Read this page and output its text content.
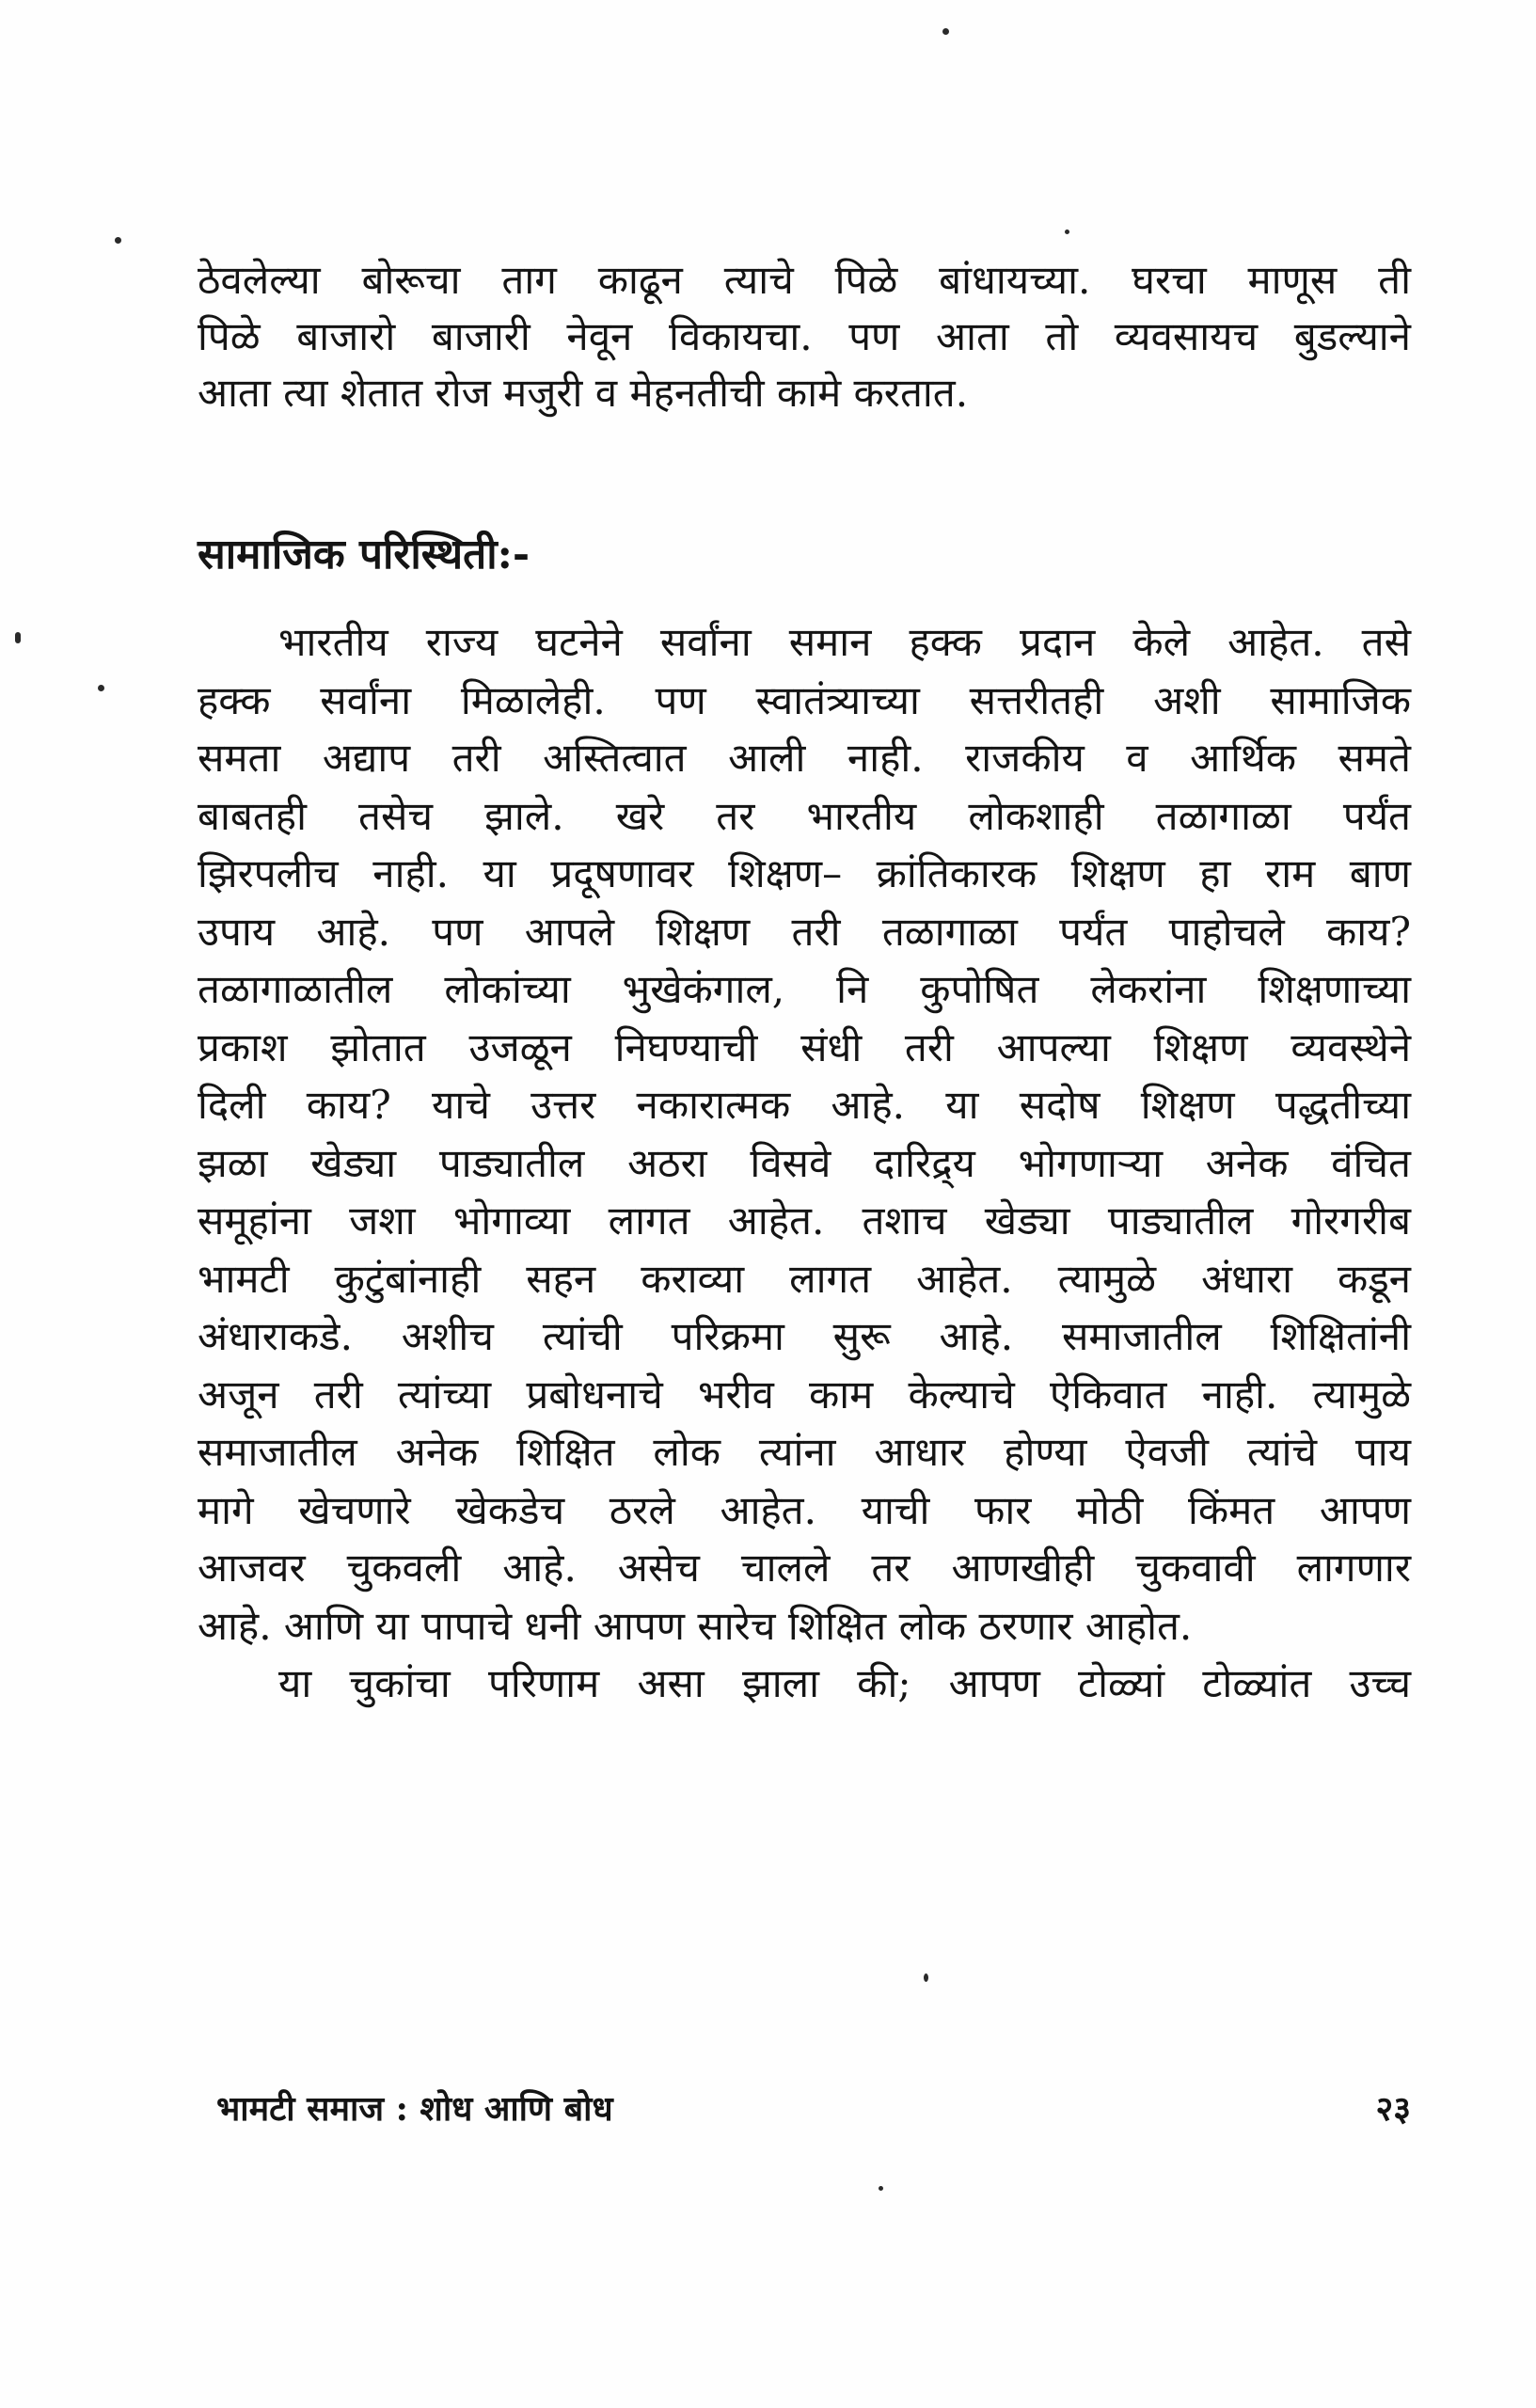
ठेवलेल्या बोरूचा ताग काढून त्याचे पिळे बांधायच्या. घरचा माणूस ती
पिळे बाजारो बाजारी नेवून विकायचा. पण आता तो व्यवसायच बुडल्याने
आता त्या शेतात रोज मजुरी व मेहनतीची कामे करतात.
सामाजिक परिस्थिती:-
भारतीय राज्य घटनेने सर्वांना समान हक्क प्रदान केले आहेत. तसे
हक्क सर्वांना मिळालेही. पण स्वातंत्र्याच्या सत्तरीतही अशी सामाजिक
समता अद्याप तरी अस्तित्वात आली नाही. राजकीय व आर्थिक समते
बाबतही तसेच झाले. खरे तर भारतीय लोकशाही तळागाळा पर्यंत
झिरपलीच नाही. या प्रदूषणावर शिक्षण– क्रांतिकारक शिक्षण हा राम बाण
उपाय आहे. पण आपले शिक्षण तरी तळागाळा पर्यंत पाहोचले काय?
तळागाळातील लोकांच्या भुखेकंगाल, नि कुपोषित लेकरांना शिक्षणाच्या
प्रकाश झोतात उजळून निघण्याची संधी तरी आपल्या शिक्षण व्यवस्थेने
दिली काय? याचे उत्तर नकारात्मक आहे. या सदोष शिक्षण पद्धतीच्या
झळा खेड्या पाड्यातील अठरा विसवे दारिद्र्य भोगणाऱ्या अनेक वंचित
समूहांना जशा भोगाव्या लागत आहेत. तशाच खेड्या पाड्यातील गोरगरीब
भामटी कुटुंबांनाही सहन कराव्या लागत आहेत. त्यामुळे अंधारा कडून
अंधाराकडे. अशीच त्यांची परिक्रमा सुरू आहे. समाजातील शिक्षितांनी
अजून तरी त्यांच्या प्रबोधनाचे भरीव काम केल्याचे ऐकिवात नाही. त्यामुळे
समाजातील अनेक शिक्षित लोक त्यांना आधार होण्या ऐवजी त्यांचे पाय
मागे खेचणारे खेकडेच ठरले आहेत. याची फार मोठी किंमत आपण
आजवर चुकवली आहे. असेच चालले तर आणखीही चुकवावी लागणार
आहे. आणि या पापाचे धनी आपण सारेच शिक्षित लोक ठरणार आहोत.
या चुकांचा परिणाम असा झाला की; आपण टोळ्यां टोळ्यांत उच्च
भामटी समाज : शोध आणि बोध	२३
